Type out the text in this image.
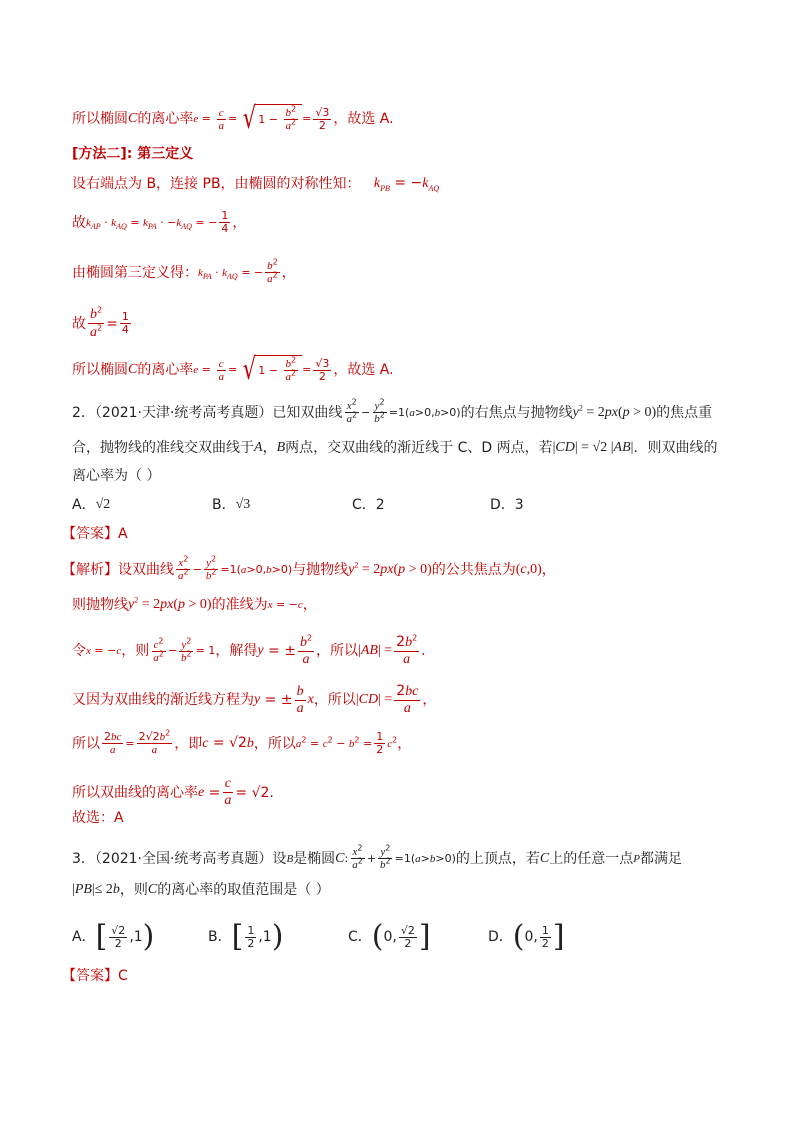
所以椭圆 C 的离心率 $e = \frac{c}{a}$ = √ $1 - \frac{b^2}{a^2} = \frac{√3}{2}$ ，故选 A.
[方法二]: 第三定义
设右端点为 B，连接 PB，由椭圆的对称性知： $k_{PB} = -k_{AQ}$
故 $k_{AP} \cdot k_{AQ} = k_{PA} \cdot -k_{AQ}$ = − $\frac{1}{4}$ ，
由椭圆第三定义得： $k_{PA} \cdot k_{AQ}$ = − $\frac{b^2}{a^2}$ ，
故 $\frac{b^2}{a^2} = \frac{1}{4}$
所以椭圆 C 的离心率 $e = \frac{c}{a}$ = √ $1 - \frac{b^2}{a^2} = \frac{√3}{2}$ ，故选 A.
2．（2021·天津·统考高考真题）已知双曲线 $\frac{x^2}{a^2} - \frac{y^2}{b^2} =1(a>0,b>0)$ 的右焦点与抛物线 $y^2 = 2px(p > 0)$ 的焦点重
合，抛物线的准线交双曲线于 A ， B 两点，交双曲线的渐近线于 C、D 两点，若 |CD| = √2 |AB| ．则双曲线的
离心率为（ ）
A． √2	B． √3	C．2	D．3
【答案】A
【解析】 设双曲线 $\frac{x^2}{a^2} - \frac{y^2}{b^2} =1(a>0,b>0)$ 与抛物线 $y^2 = 2px(p > 0)$ 的公共焦点为 (c,0) ，
则抛物线 $y^2 = 2px(p > 0)$ 的准线为 x = −c ，
令 x = −c ，则 $\frac{c^2}{a^2} - \frac{y^2}{b^2} = 1$ ，解得 y = ± $\frac{b^2}{a}$ ，所以 $|AB| = \frac{2b^2}{a}$ .
又因为双曲线的渐近线方程为 y = ± $\frac{b}{a}$ x ，所以 $|CD| = \frac{2bc}{a}$ ，
所以 $\frac{2bc}{a} = \frac{2√2b^2}{a}$ ，即 c = √2b ，所以 $a^2 = c^2 - b^2 = \frac{1}{2} c^2$ ，
所以双曲线的离心率 $e = \frac{c}{a} = √2$.
故选：A
3．（2021·全国·统考高考真题）设 B 是椭圆 C : $\frac{x^2}{a^2} + \frac{y^2}{b^2} =1(a>b>0)$ 的上顶点，若 C 上的任意一点 P 都满足
|PB|≤ 2b ，则 C 的离心率的取值范围是（ ）
A． [ $\frac{√2}{2} ,1$ )	B． [ $\frac{1}{2} ,1$ )	C． ( 0, $\frac{√2}{2}$ ]	D． ( 0, $\frac{1}{2}$ ]
【答案】C
